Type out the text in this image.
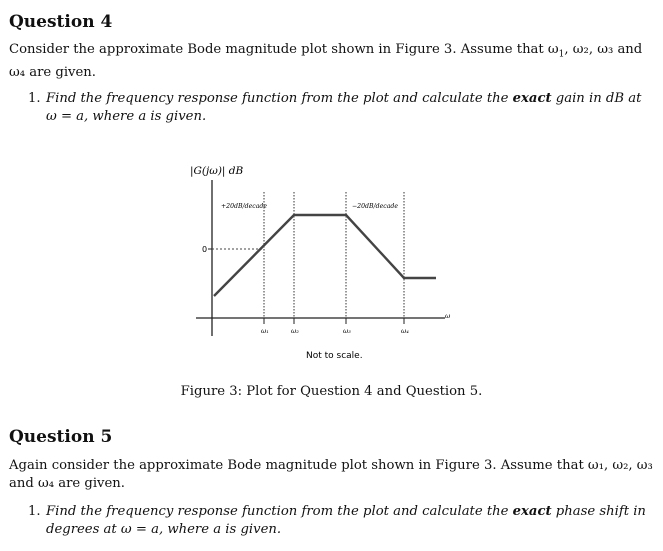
Question 4
Consider the approximate Bode magnitude plot shown in Figure 3. Assume that $\omega_1$, ω₂, ω₃ and
ω₄ are given.
1. Find the frequency response function from the plot and calculate the exact gain in dB at
ω = a, where a is given.
|G(jω)| dB
0
+20dB/decade	−20dB/decade
ω
ω₁	ω₂	ω₃	ω₄
Not to scale.
Figure 3: Plot for Question 4 and Question 5.
Question 5
Again consider the approximate Bode magnitude plot shown in Figure 3. Assume that ω₁, ω₂, ω₃
and ω₄ are given.
1. Find the frequency response function from the plot and calculate the exact phase shift in
degrees at ω = a, where a is given.
